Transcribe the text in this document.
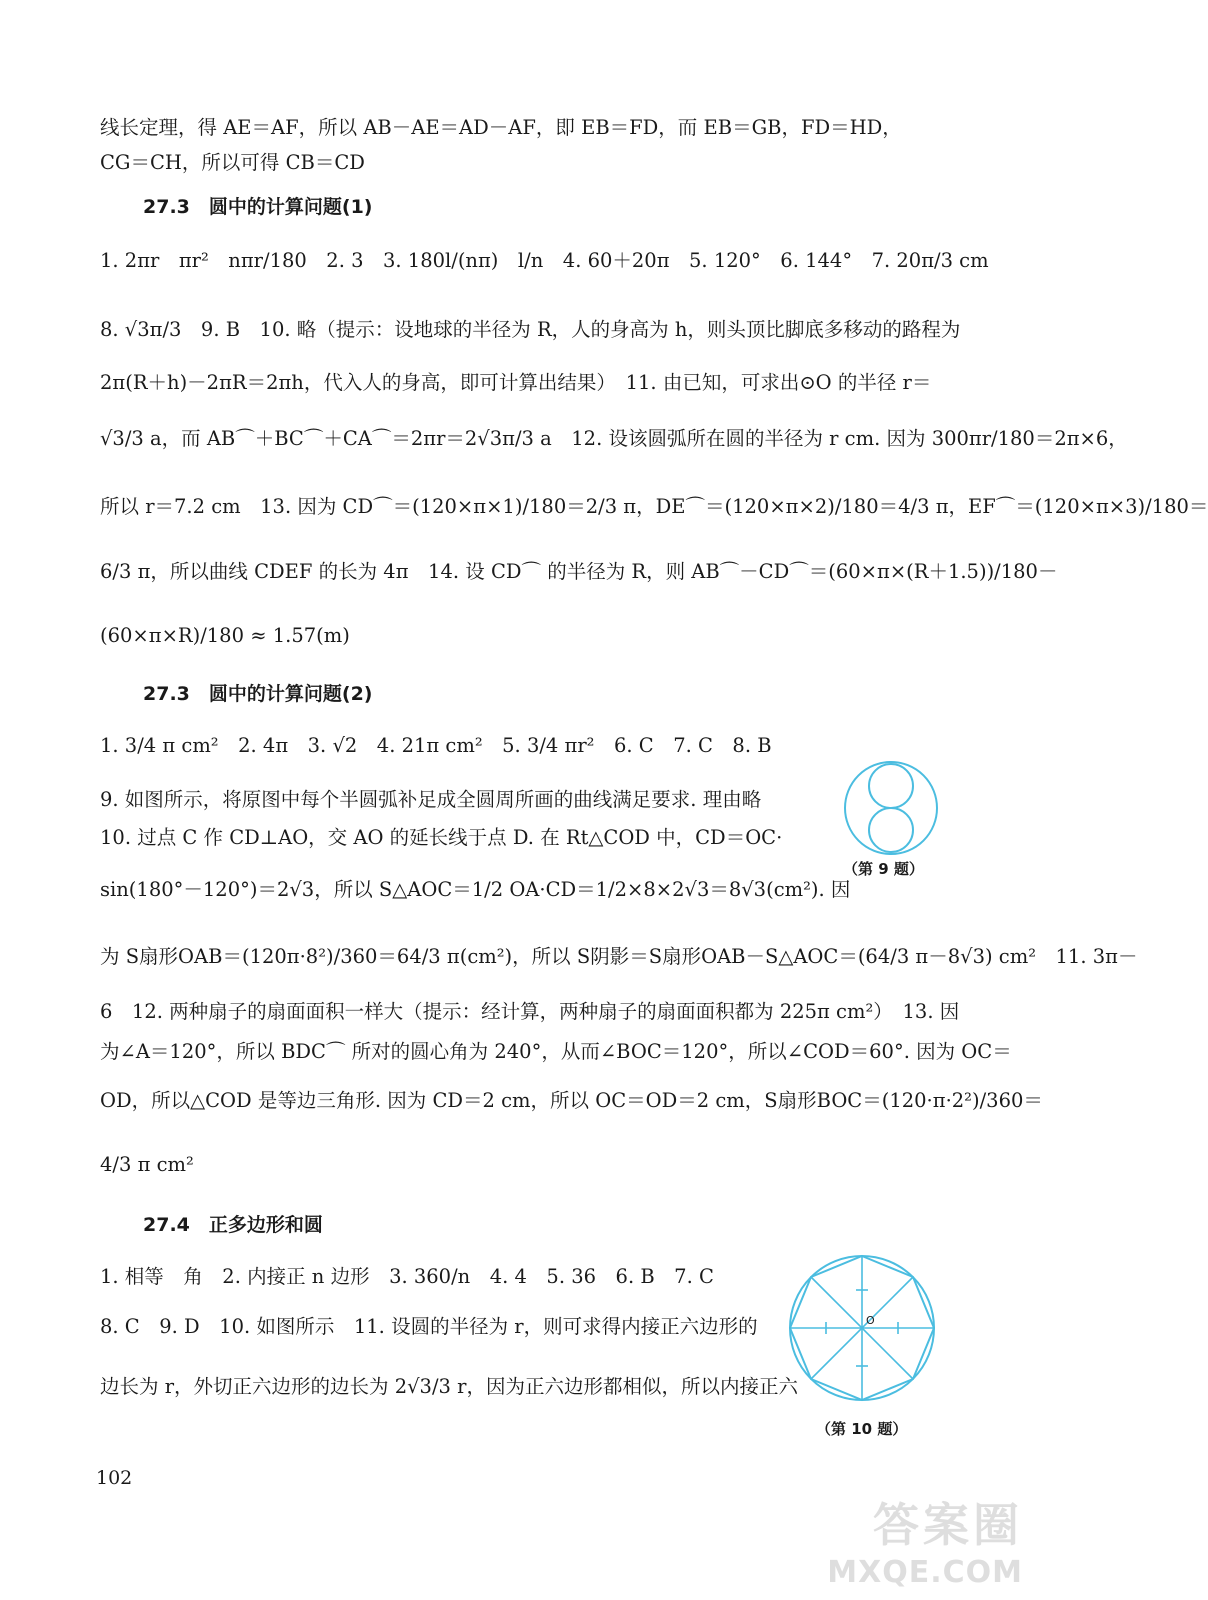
线长定理，得 AE＝AF，所以 AB－AE＝AD－AF，即 EB＝FD，而 EB＝GB，FD＝HD，
CG＝CH，所以可得 CB＝CD
27.3　圆中的计算问题(1)
1. 2πr　πr²　nπr/180　2. 3　3. 180l/(nπ)　l/n　4. 60＋20π　5. 120°　6. 144°　7. 20π/3 cm
8. √3π/3　9. B　10. 略（提示：设地球的半径为 R，人的身高为 h，则头顶比脚底多移动的路程为
2π(R＋h)－2πR＝2πh，代入人的身高，即可计算出结果）　11. 由已知，可求出⊙O 的半径 r＝
√3/3 a，而 AB⌒＋BC⌒＋CA⌒＝2πr＝2√3π/3 a　12. 设该圆弧所在圆的半径为 r cm. 因为 300πr/180＝2π×6，
所以 r＝7.2 cm　13. 因为 CD⌒＝(120×π×1)/180＝2/3 π，DE⌒＝(120×π×2)/180＝4/3 π，EF⌒＝(120×π×3)/180＝
6/3 π，所以曲线 CDEF 的长为 4π　14. 设 CD⌒ 的半径为 R，则 AB⌒－CD⌒＝(60×π×(R＋1.5))/180－
(60×π×R)/180 ≈ 1.57(m)
27.3　圆中的计算问题(2)
1. 3/4 π cm²　2. 4π　3. √2　4. 21π cm²　5. 3/4 πr²　6. C　7. C　8. B
9. 如图所示，将原图中每个半圆弧补足成全圆周所画的曲线满足要求. 理由略
10. 过点 C 作 CD⊥AO，交 AO 的延长线于点 D. 在 Rt△COD 中，CD＝OC·
sin(180°－120°)＝2√3，所以 S△AOC＝1/2 OA·CD＝1/2×8×2√3＝8√3(cm²). 因
为 S扇形OAB＝(120π·8²)/360＝64/3 π(cm²)，所以 S阴影＝S扇形OAB－S△AOC＝(64/3 π－8√3) cm²　11. 3π－
6　12. 两种扇子的扇面面积一样大（提示：经计算，两种扇子的扇面面积都为 225π cm²）　13. 因
为∠A＝120°，所以 BDC⌒ 所对的圆心角为 240°，从而∠BOC＝120°，所以∠COD＝60°. 因为 OC＝
OD，所以△COD 是等边三角形. 因为 CD＝2 cm，所以 OC＝OD＝2 cm，S扇形BOC＝(120·π·2²)/360＝
4/3 π cm²
27.4　正多边形和圆
1. 相等　角　2. 内接正 n 边形　3. 360/n　4. 4　5. 36　6. B　7. C
8. C　9. D　10. 如图所示　11. 设圆的半径为 r，则可求得内接正六边形的
边长为 r，外切正六边形的边长为 2√3/3 r，因为正六边形都相似，所以内接正六
（第 9 题）
O
（第 10 题）
102
答案圈
MXQE.COM
